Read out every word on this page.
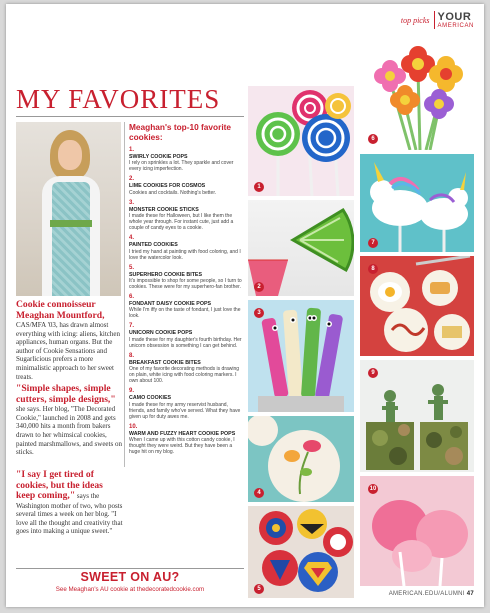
top picks YOUR
AMERICAN
MY FAVORITES

Cookie connoisseur Meaghan Mountford, CAS/MFA '03, has drawn almost everything with icing: aliens, kitchen appliances, human organs. But the author of Cookie Sensations and Sugarlicious prefers a more minimalistic approach to her sweet treats.

"Simple shapes, simple cutters, simple designs," she says. Her blog, "The Decorated Cookie," launched in 2008 and gets 340,000 hits a month from bakers drawn to her whimsical cookies, painted marshmallows, and sweets on sticks.

"I say I get tired of cookies, but the ideas keep coming," says the Washington mother of two, who posts several times a week on her blog. "I love all the thought and creativity that goes into making a unique sweet."

Meaghan's top-10 favorite cookies:
1.
SWIRLY COOKIE POPS
I rely on sprinkles a lot. They sparkle and cover every icing imperfection.
2.
LIME COOKIES FOR COSMOS
Cookies and cocktails. Nothing's better.
3.
MONSTER COOKIE STICKS
I made these for Halloween, but I like them the whole year through. For instant cute, just add a couple of candy eyes to a cookie.
4.
PAINTED COOKIES
I tried my hand at painting with food coloring, and I love the watercolor look.
5.
SUPERHERO COOKIE BITES
It's impossible to shop for some people, so I turn to cookies. These were for my superhero-fan brother.
6.
FONDANT DAISY COOKIE POPS
While I'm iffy on the taste of fondant, I just love the look.
7.
UNICORN COOKIE POPS
I made these for my daughter's fourth birthday. Her unicorn obsession is something I can get behind.
8.
BREAKFAST COOKIE BITES
One of my favorite decorating methods is drawing on plain, white icing with food coloring markers. I own about 100.
9.
CAMO COOKIES
I made these for my army reservist husband, friends, and family who've served. What they have given up for duty awes me.
10.
WARM AND FUZZY HEART COOKIE POPS
When I came up with this cotton candy cookie, I thought they were weird. But they have been a huge hit on my blog.
SWEET ON AU?
See Meaghan's AU cookie at thedecoratedcookie.com
AMERICAN.EDU/ALUMNI 47
1
2
3
4
5
6
7
8
9
10
